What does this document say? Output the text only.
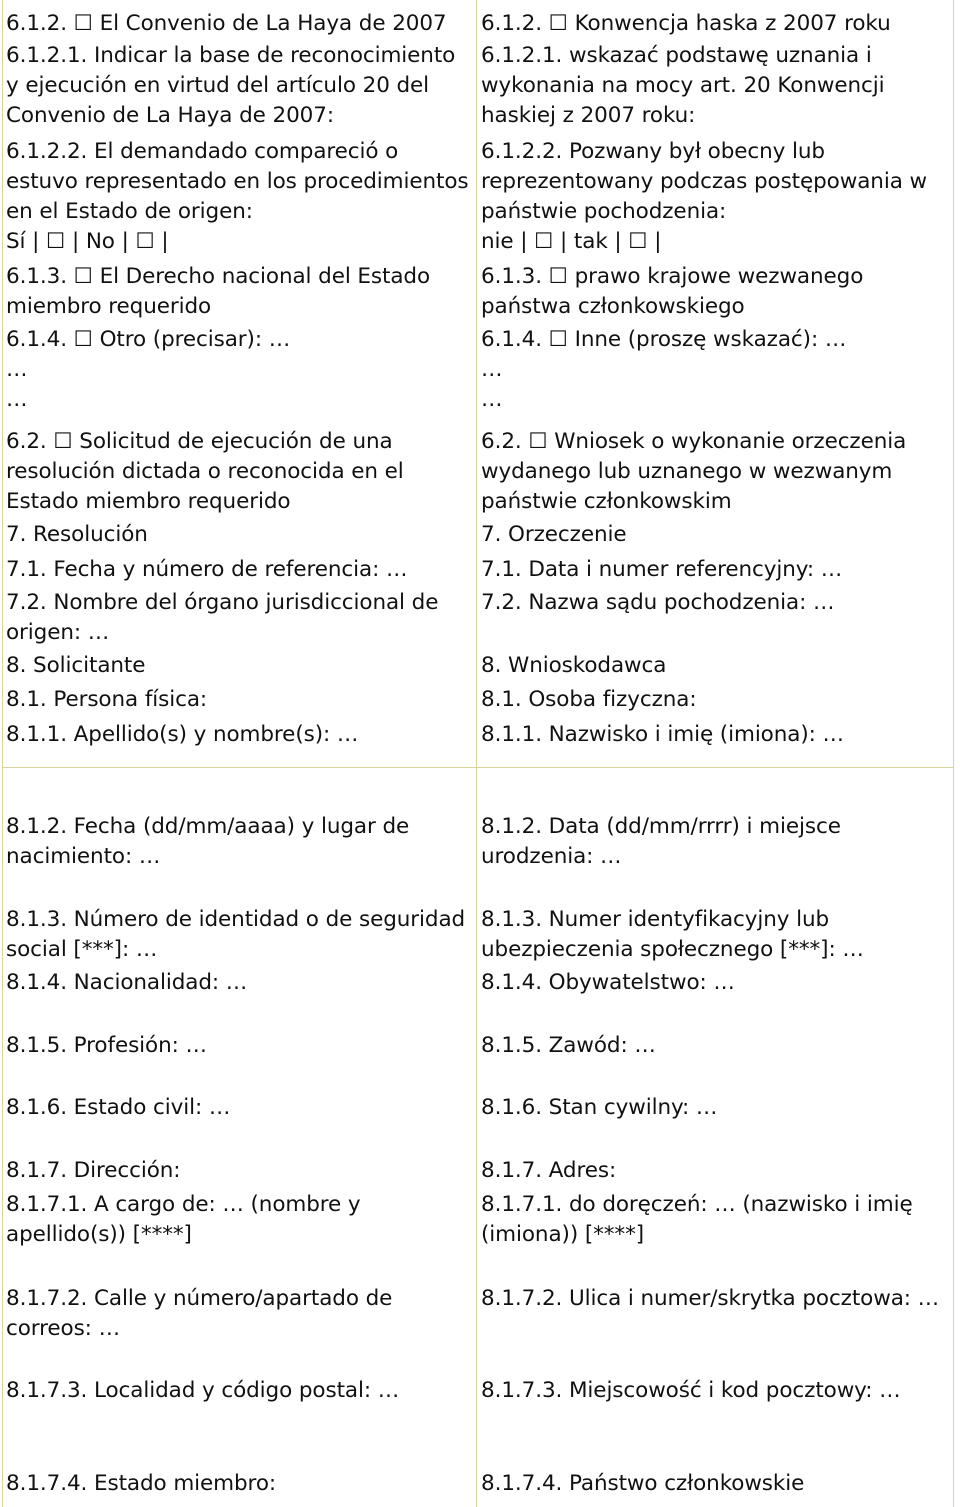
6.1.2. ☐ El Convenio de La Haya de 2007
6.1.2.1. Indicar la base de reconocimiento
y ejecución en virtud del artículo 20 del
Convenio de La Haya de 2007:
6.1.2.2. El demandado compareció o
estuvo representado en los procedimientos
en el Estado de origen:
Sí | ☐ | No | ☐ |
6.1.3. ☐ El Derecho nacional del Estado
miembro requerido
6.1.4. ☐ Otro (precisar): …
…
…
6.2. ☐ Solicitud de ejecución de una
resolución dictada o reconocida en el
Estado miembro requerido
7. Resolución
7.1. Fecha y número de referencia: …
7.2. Nombre del órgano jurisdiccional de
origen: …
8. Solicitante
8.1. Persona física:
8.1.1. Apellido(s) y nombre(s): …
8.1.2. Fecha (dd/mm/aaaa) y lugar de
nacimiento: …
8.1.3. Número de identidad o de seguridad
social [***]: …
8.1.4. Nacionalidad: …
8.1.5. Profesión: …
8.1.6. Estado civil: …
8.1.7. Dirección:
8.1.7.1. A cargo de: … (nombre y
apellido(s)) [****]
8.1.7.2. Calle y número/apartado de
correos: …
8.1.7.3. Localidad y código postal: …
8.1.7.4. Estado miembro:
6.1.2. ☐ Konwencja haska z 2007 roku
6.1.2.1. wskazać podstawę uznania i
wykonania na mocy art. 20 Konwencji
haskiej z 2007 roku:
6.1.2.2. Pozwany był obecny lub
reprezentowany podczas postępowania w
państwie pochodzenia:
nie | ☐ | tak | ☐ |
6.1.3. ☐ prawo krajowe wezwanego
państwa członkowskiego
6.1.4. ☐ Inne (proszę wskazać): …
…
…
6.2. ☐ Wniosek o wykonanie orzeczenia
wydanego lub uznanego w wezwanym
państwie członkowskim
7. Orzeczenie
7.1. Data i numer referencyjny: …
7.2. Nazwa sądu pochodzenia: …
8. Wnioskodawca
8.1. Osoba fizyczna:
8.1.1. Nazwisko i imię (imiona): …
8.1.2. Data (dd/mm/rrrr) i miejsce
urodzenia: …
8.1.3. Numer identyfikacyjny lub
ubezpieczenia społecznego [***]: …
8.1.4. Obywatelstwo: …
8.1.5. Zawód: …
8.1.6. Stan cywilny: …
8.1.7. Adres:
8.1.7.1. do doręczeń: … (nazwisko i imię
(imiona)) [****]
8.1.7.2. Ulica i numer/skrytka pocztowa: …
8.1.7.3. Miejscowość i kod pocztowy: …
8.1.7.4. Państwo członkowskie
